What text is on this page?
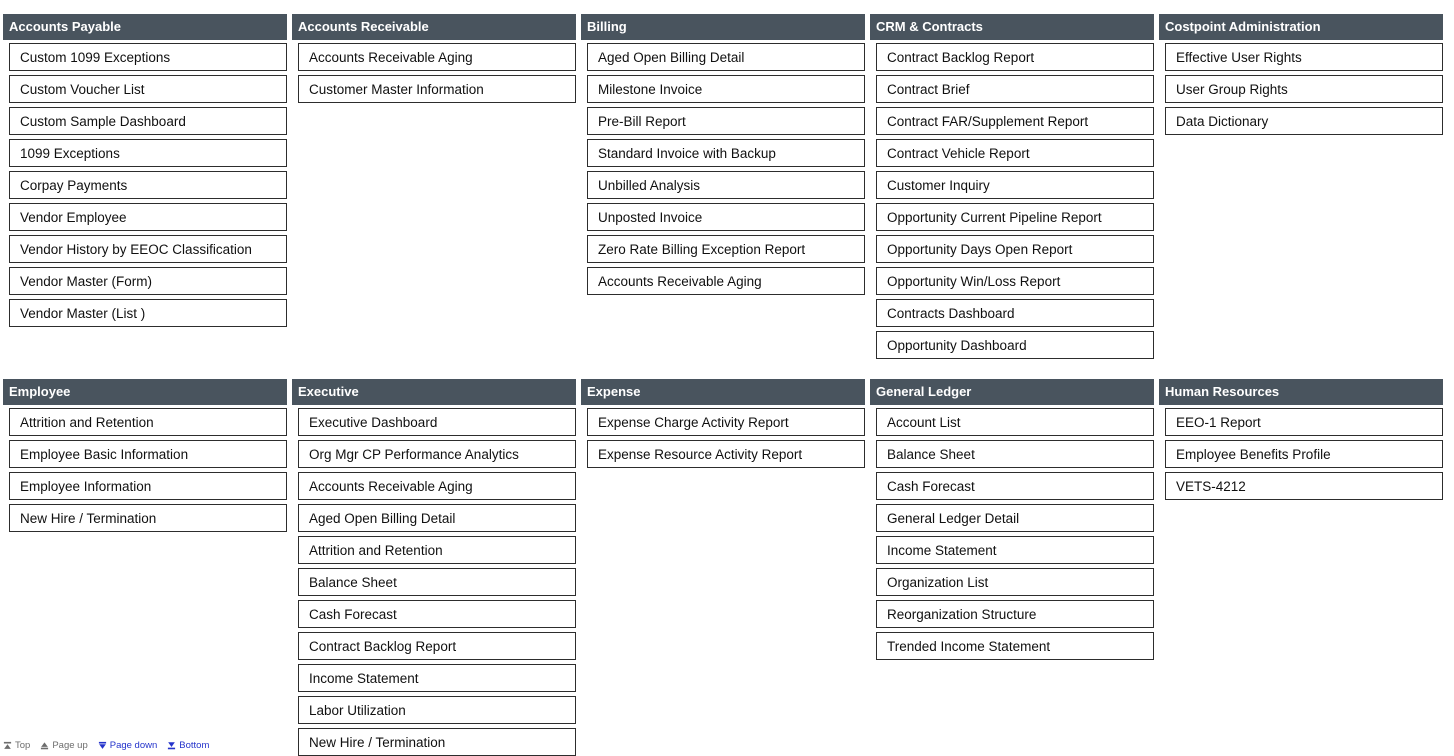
Accounts Payable
Custom 1099 Exceptions
Custom Voucher List
Custom Sample Dashboard
1099 Exceptions
Corpay Payments
Vendor Employee
Vendor History by EEOC Classification
Vendor Master (Form)
Vendor Master (List )
Accounts Receivable
Accounts Receivable Aging
Customer Master Information
Billing
Aged Open Billing Detail
Milestone Invoice
Pre-Bill Report
Standard Invoice with Backup
Unbilled Analysis
Unposted Invoice
Zero Rate Billing Exception Report
Accounts Receivable Aging
CRM & Contracts
Contract Backlog Report
Contract Brief
Contract FAR/Supplement Report
Contract Vehicle Report
Customer Inquiry
Opportunity Current Pipeline Report
Opportunity Days Open Report
Opportunity Win/Loss Report
Contracts Dashboard
Opportunity Dashboard
Costpoint Administration
Effective User Rights
User Group Rights
Data Dictionary
Employee
Attrition and Retention
Employee Basic Information
Employee Information
New Hire / Termination
Executive
Executive Dashboard
Org Mgr CP Performance Analytics
Accounts Receivable Aging
Aged Open Billing Detail
Attrition and Retention
Balance Sheet
Cash Forecast
Contract Backlog Report
Income Statement
Labor Utilization
New Hire / Termination
Expense
Expense Charge Activity Report
Expense Resource Activity Report
General Ledger
Account List
Balance Sheet
Cash Forecast
General Ledger Detail
Income Statement
Organization List
Reorganization Structure
Trended Income Statement
Human Resources
EEO-1 Report
Employee Benefits Profile
VETS-4212
Top Page up Page down Bottom
